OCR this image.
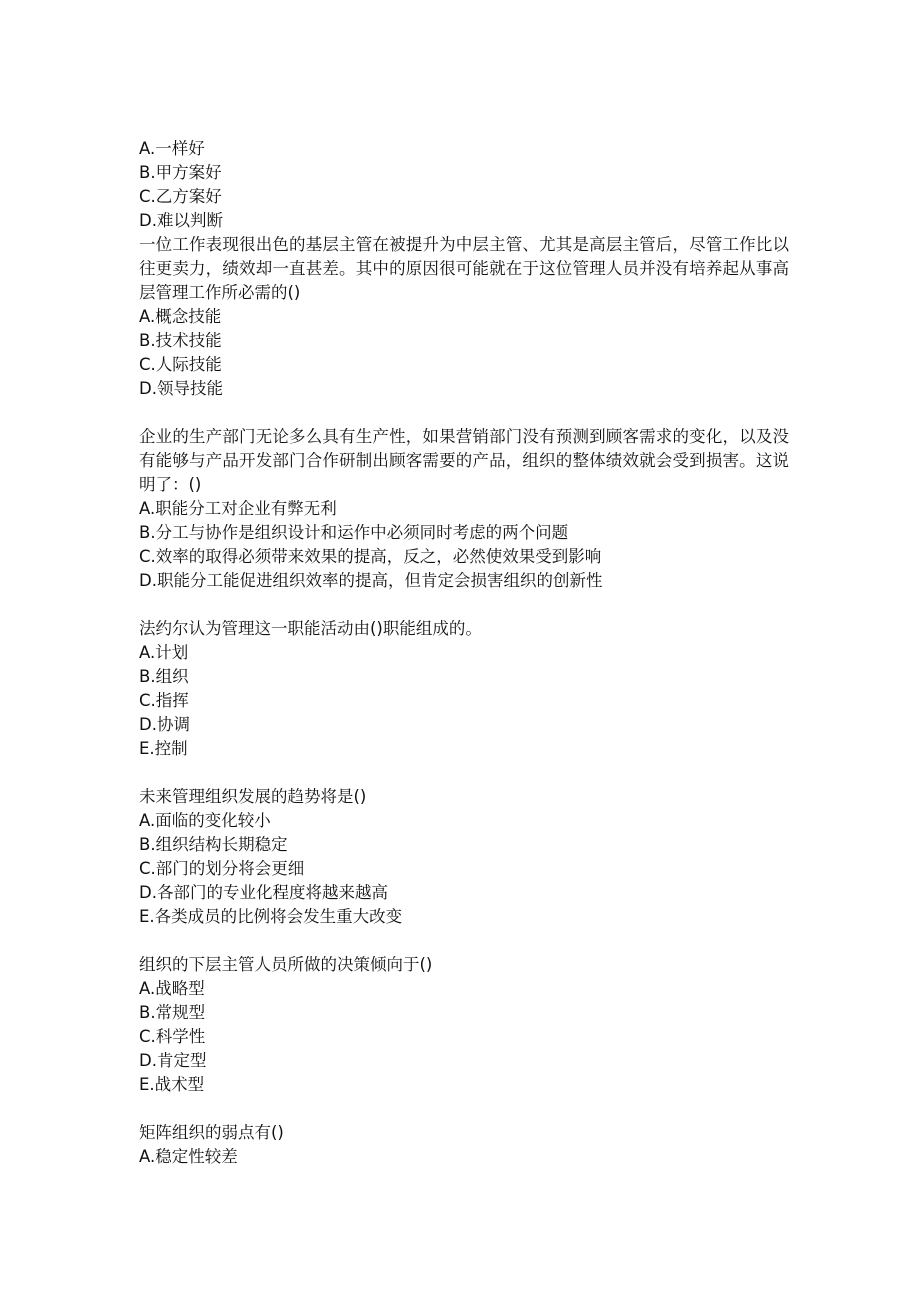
A.一样好
B.甲方案好
C.乙方案好
D.难以判断
一位工作表现很出色的基层主管在被提升为中层主管、尤其是高层主管后，尽管工作比以往更卖力，绩效却一直甚差。其中的原因很可能就在于这位管理人员并没有培养起从事高层管理工作所必需的()
A.概念技能
B.技术技能
C.人际技能
D.领导技能
企业的生产部门无论多么具有生产性，如果营销部门没有预测到顾客需求的变化，以及没有能够与产品开发部门合作研制出顾客需要的产品，组织的整体绩效就会受到损害。这说明了：()
A.职能分工对企业有弊无利
B.分工与协作是组织设计和运作中必须同时考虑的两个问题
C.效率的取得必须带来效果的提高，反之，必然使效果受到影响
D.职能分工能促进组织效率的提高，但肯定会损害组织的创新性
法约尔认为管理这一职能活动由()职能组成的。
A.计划
B.组织
C.指挥
D.协调
E.控制
未来管理组织发展的趋势将是()
A.面临的变化较小
B.组织结构长期稳定
C.部门的划分将会更细
D.各部门的专业化程度将越来越高
E.各类成员的比例将会发生重大改变
组织的下层主管人员所做的决策倾向于()
A.战略型
B.常规型
C.科学性
D.肯定型
E.战术型
矩阵组织的弱点有()
A.稳定性较差
